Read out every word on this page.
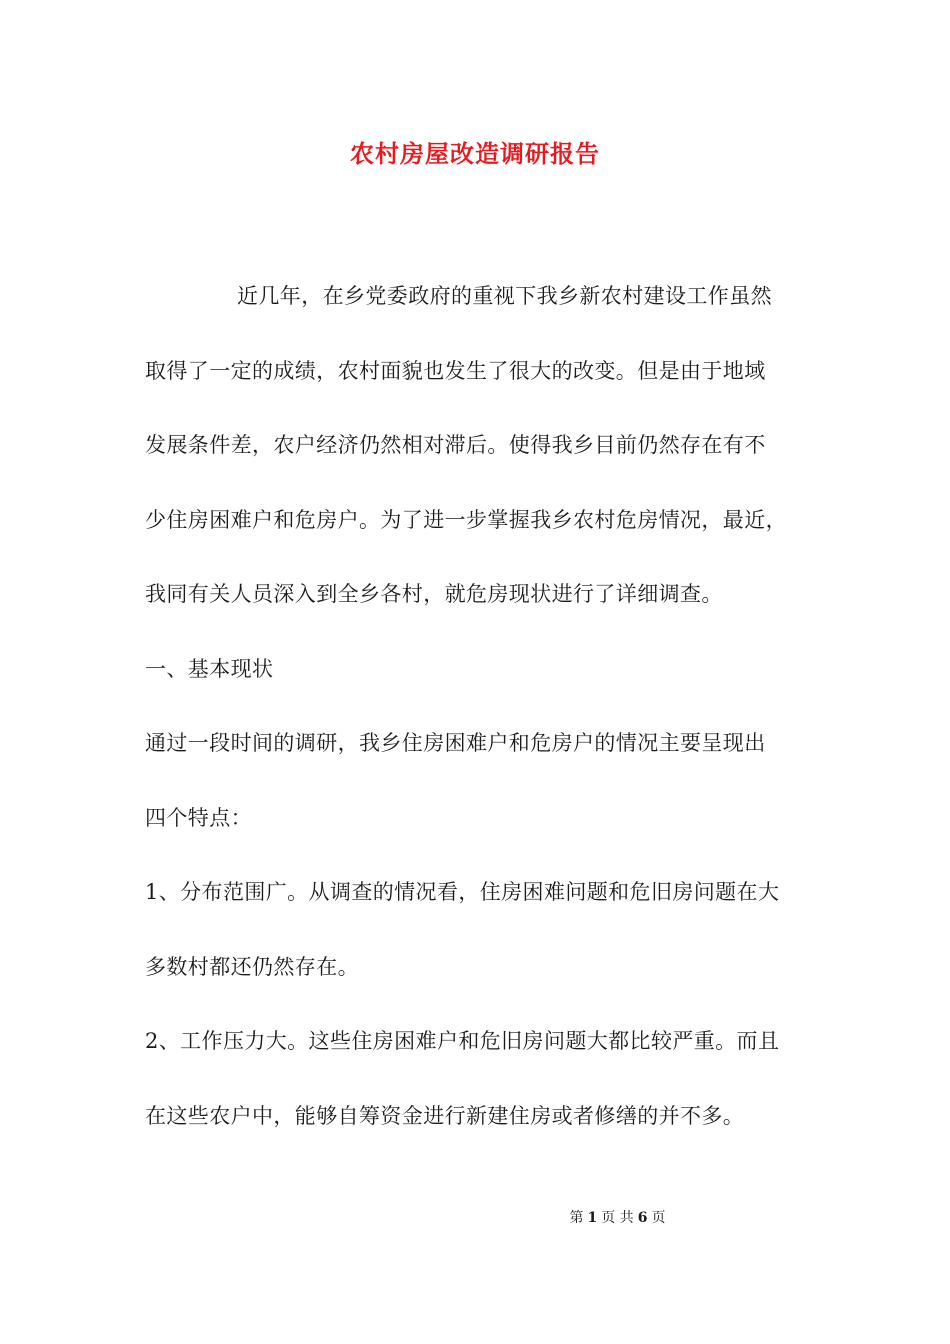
农村房屋改造调研报告
近几年，在乡党委政府的重视下我乡新农村建设工作虽然
取得了一定的成绩，农村面貌也发生了很大的改变。但是由于地域
发展条件差，农户经济仍然相对滞后。使得我乡目前仍然存在有不
少住房困难户和危房户。为了进一步掌握我乡农村危房情况，最近，
我同有关人员深入到全乡各村，就危房现状进行了详细调查。
一、基本现状
通过一段时间的调研，我乡住房困难户和危房户的情况主要呈现出
四个特点：
1、分布范围广。从调查的情况看，住房困难问题和危旧房问题在大
多数村都还仍然存在。
2、工作压力大。这些住房困难户和危旧房问题大都比较严重。而且
在这些农户中，能够自筹资金进行新建住房或者修缮的并不多。
第 1 页 共 6 页
